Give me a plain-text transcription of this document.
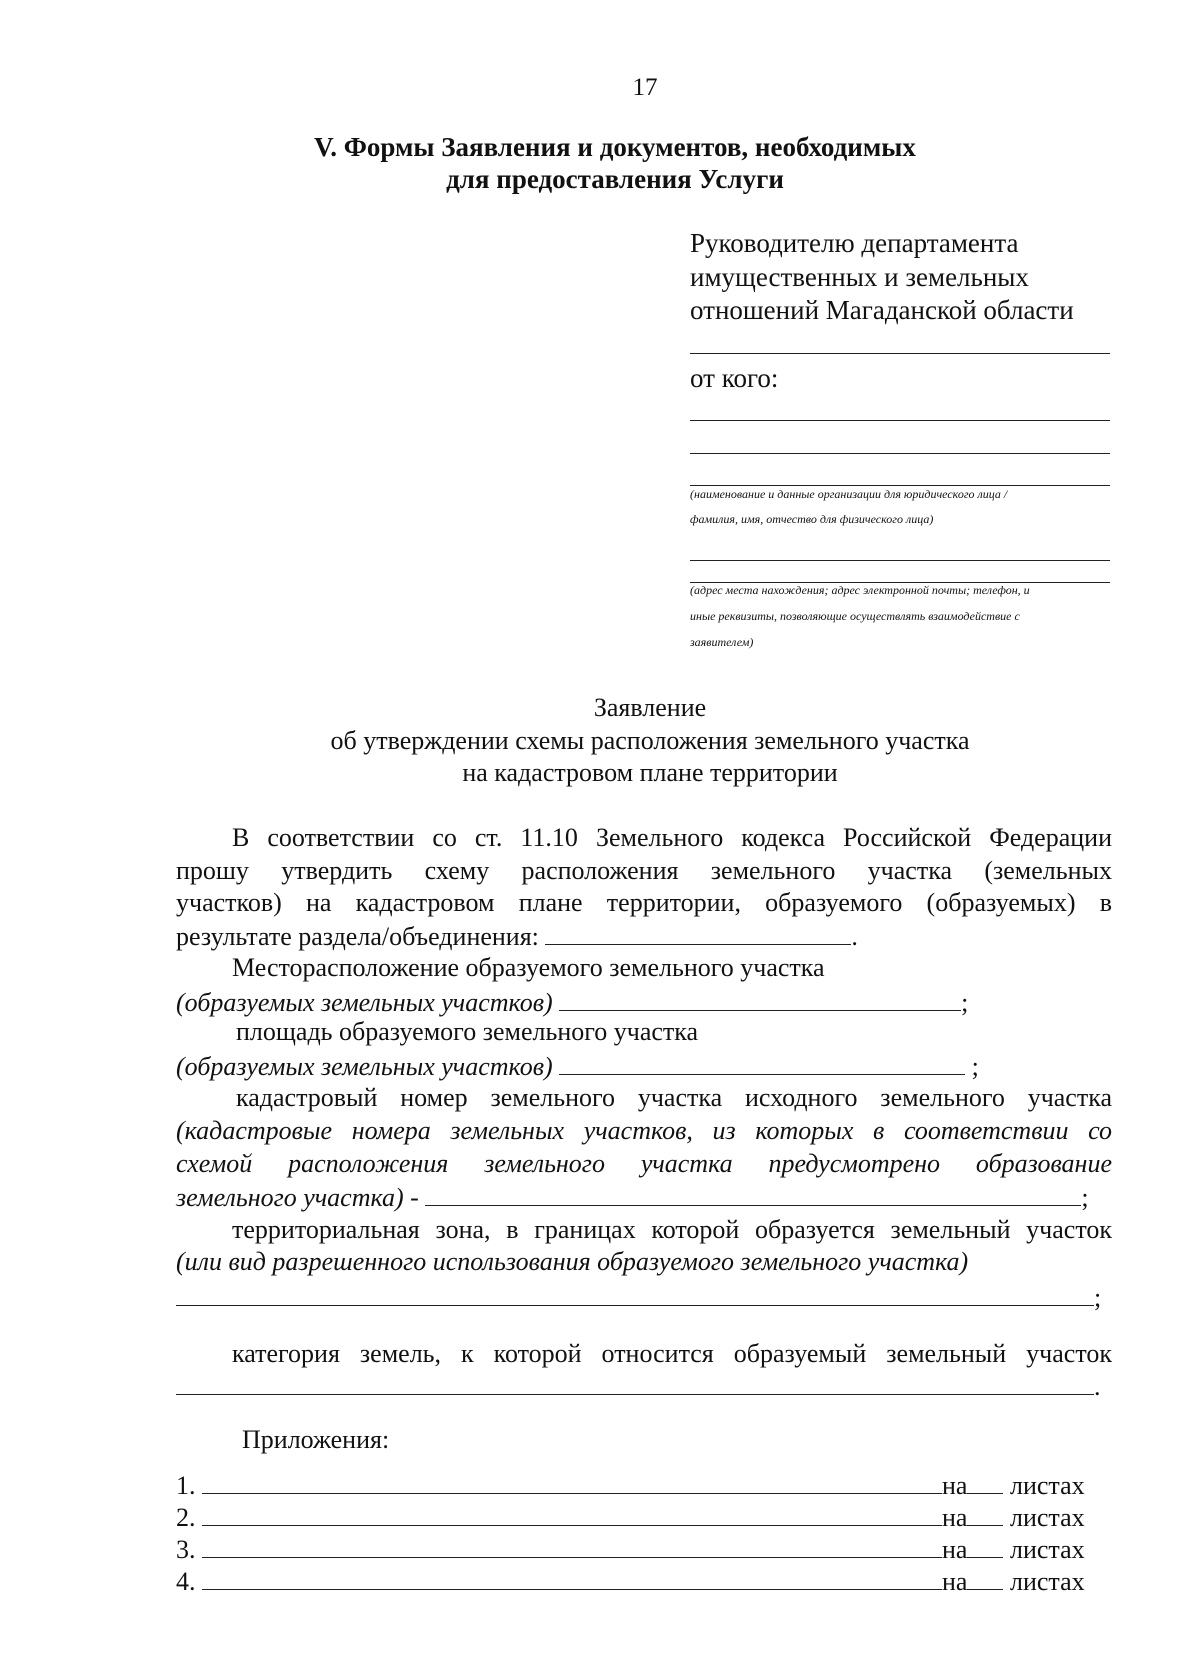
17
V. Формы Заявления и документов, необходимых
для предоставления Услуги
Руководителю департамента
имущественных и земельных
отношений Магаданской области
от кого:
(наименование и данные организации для юридического лица /
фамилия, имя, отчество для физического лица)
(адрес места нахождения; адрес электронной почты; телефон, и
иные реквизиты, позволяющие осуществлять взаимодействие с
заявителем)
Заявление
об утверждении схемы расположения земельного участка
на кадастровом плане территории
В соответствии со ст. 11.10 Земельного кодекса Российской Федерации
прошу утвердить схему расположения земельного участка (земельных
участков) на кадастровом плане территории, образуемого (образуемых) в
результате раздела/объединения:	.
Месторасположение образуемого земельного участка
(образуемых земельных участков)	;
площадь образуемого земельного участка
(образуемых земельных участков)	;
кадастровый номер земельного участка исходного земельного участка
(кадастровые номера земельных участков, из которых в соответствии со
схемой расположения земельного участка предусмотрено образование
земельного участка) -	;
территориальная зона, в границах которой образуется земельный участок
(или вид разрешенного использования образуемого земельного участка)
;
категория земель, к которой относится образуемый земельный участок
.
Приложения:
1.	на листах
2.	на листах
3.	на листах
4.	на листах
